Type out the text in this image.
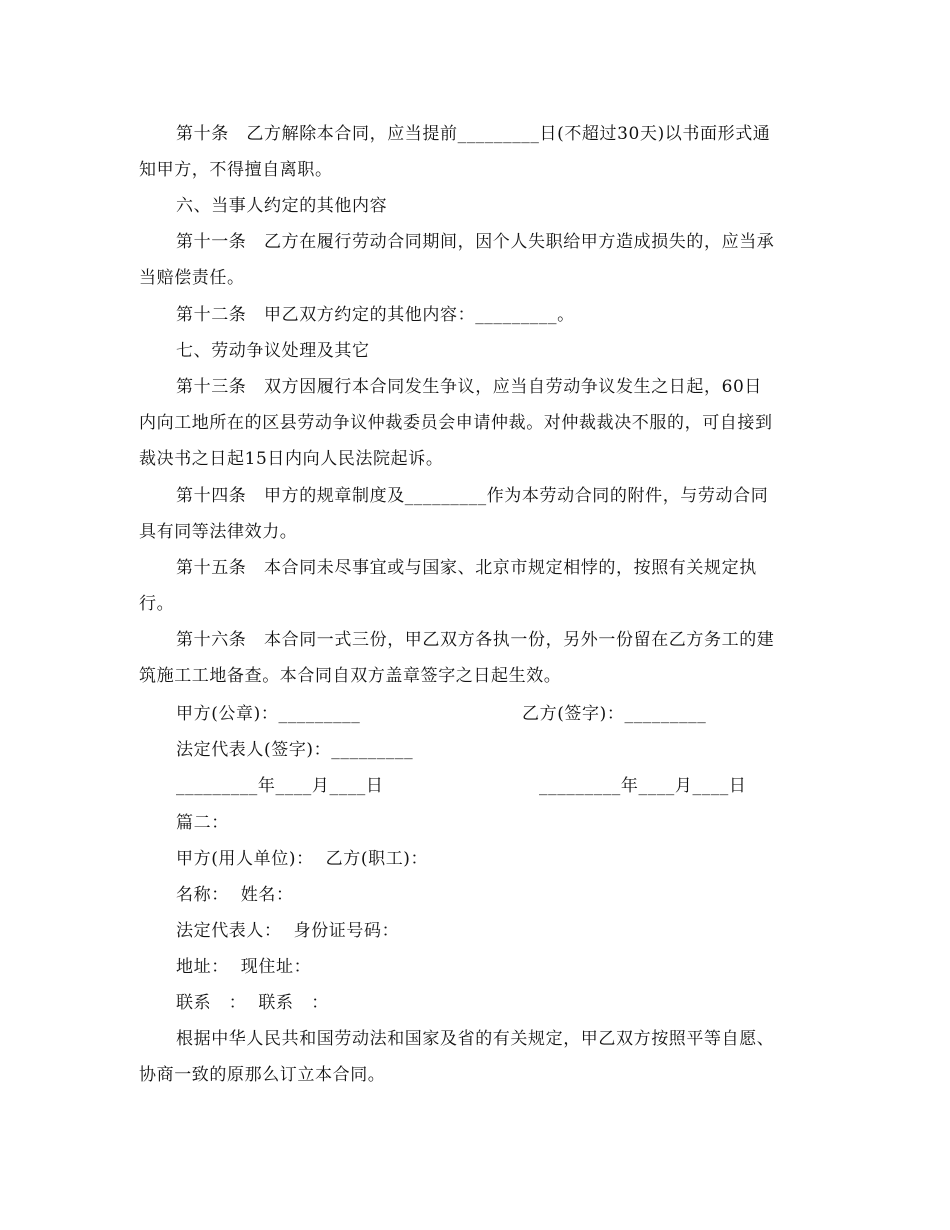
第十条　乙方解除本合同，应当提前_________日(不超过30天)以书面形式通
知甲方，不得擅自离职。
六、当事人约定的其他内容
第十一条　乙方在履行劳动合同期间，因个人失职给甲方造成损失的，应当承
当赔偿责任。
第十二条　甲乙双方约定的其他内容：_________。
七、劳动争议处理及其它
第十三条　双方因履行本合同发生争议，应当自劳动争议发生之日起，60日
内向工地所在的区县劳动争议仲裁委员会申请仲裁。对仲裁裁决不服的，可自接到
裁决书之日起15日内向人民法院起诉。
第十四条　甲方的规章制度及_________作为本劳动合同的附件，与劳动合同
具有同等法律效力。
第十五条　本合同未尽事宜或与国家、北京市规定相悖的，按照有关规定执
行。
第十六条　本合同一式三份，甲乙双方各执一份，另外一份留在乙方务工的建
筑施工工地备查。本合同自双方盖章签字之日起生效。
甲方(公章)：_________	乙方(签字)：_________
法定代表人(签字)：_________
_________年____月____日	_________年____月____日
篇二：
甲方(用人单位)：  乙方(职工)：
名称：  姓名：
法定代表人：  身份证号码：
地址：  现住址：
联系　：  联系　：
根据中华人民共和国劳动法和国家及省的有关规定，甲乙双方按照平等自愿、
协商一致的原那么订立本合同。
